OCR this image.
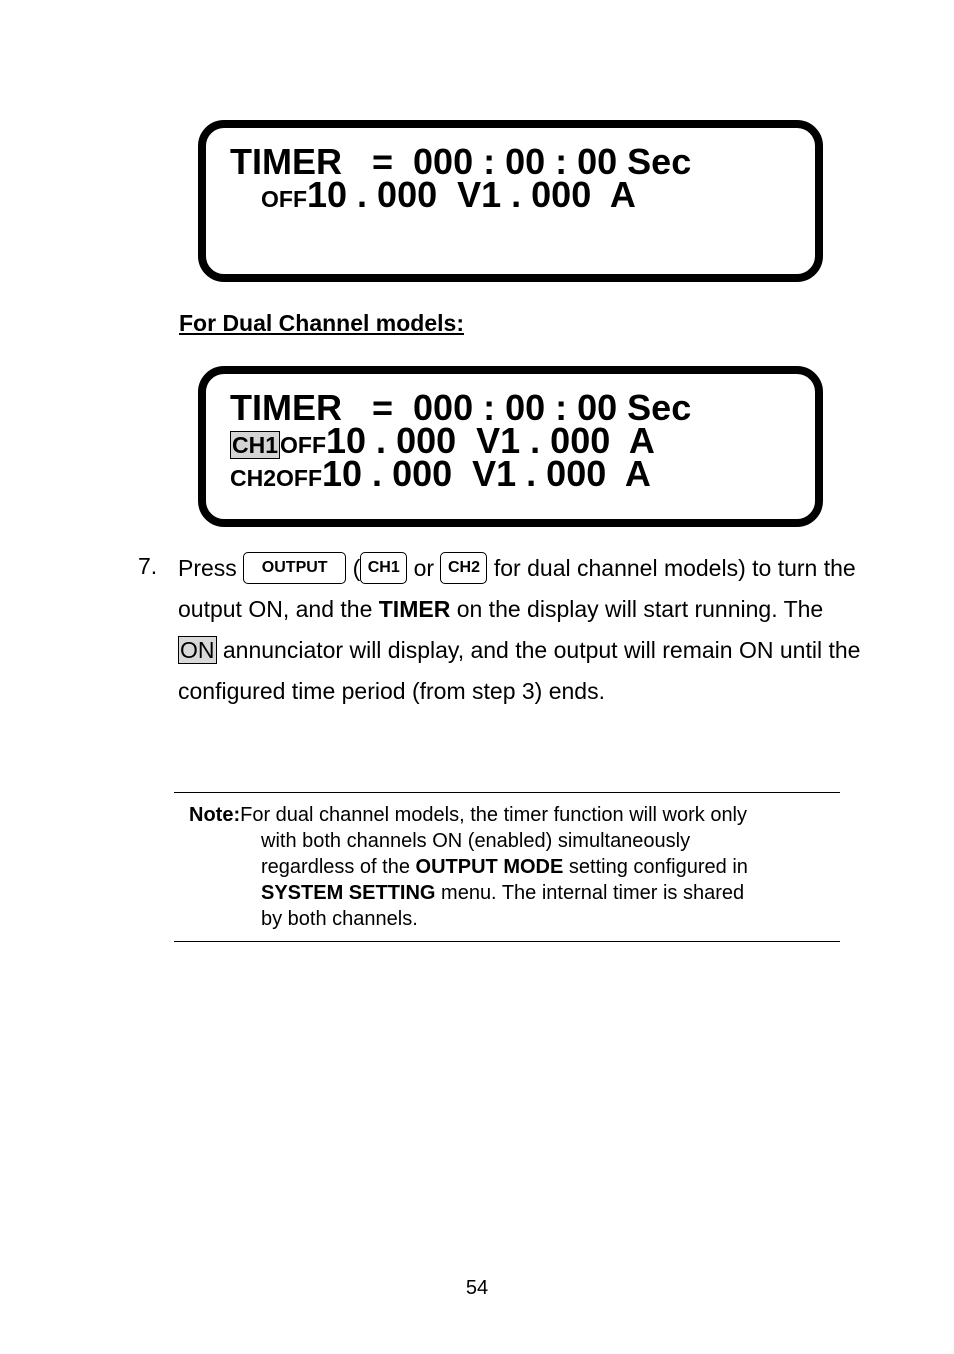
TIMER   =  000 : 00 : 00 Sec
OFF10 . 000  V1 . 000  A
For Dual Channel models:
TIMER   =  000 : 00 : 00 Sec
CH1OFF10 . 000  V1 . 000  A
CH2OFF10 . 000  V1 . 000  A
7. Press OUTPUT ( CH1 or CH2 for dual channel models) to turn the output ON, and the TIMER on the display will start running. The ON annunciator will display, and the output will remain ON until the configured time period (from step 3) ends.
Note:For dual channel models, the timer function will work only
with both channels ON (enabled) simultaneously
regardless of the OUTPUT MODE setting configured in
SYSTEM SETTING menu. The internal timer is shared
by both channels.
54
